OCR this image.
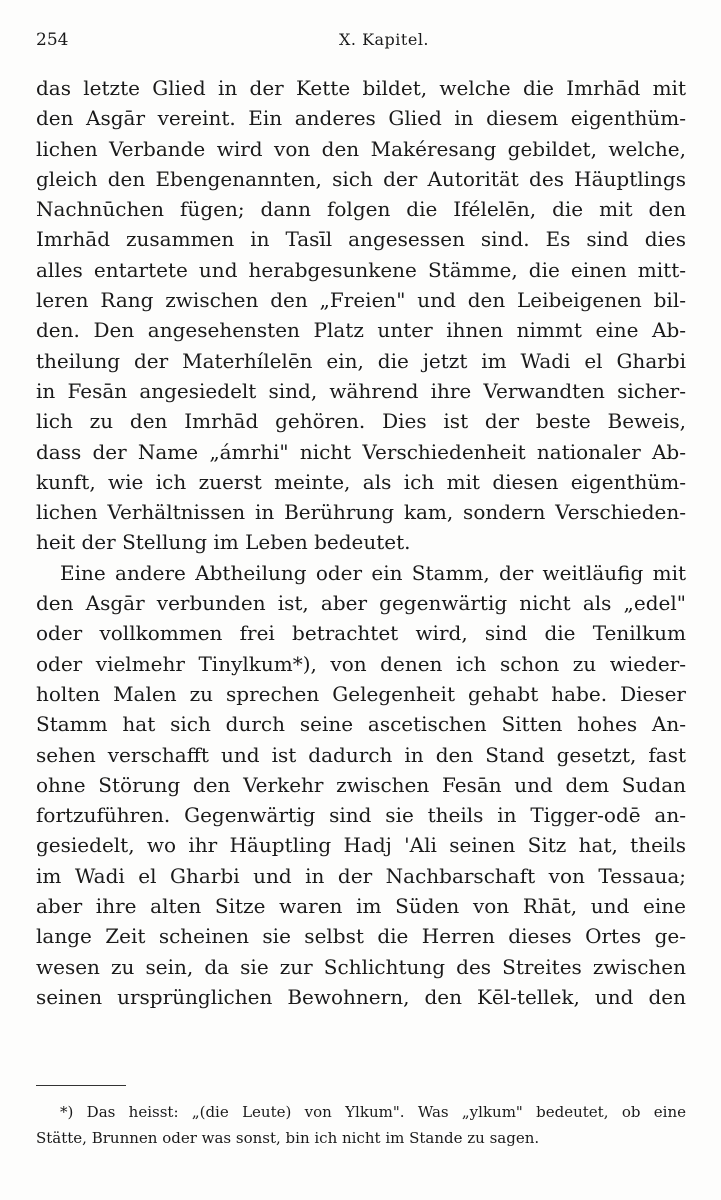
254	X. Kapitel.
das letzte Glied in der Kette bildet, welche die Imrhād mit
den Asgār vereint. Ein anderes Glied in diesem eigenthüm-
lichen Verbande wird von den Makéresang gebildet, welche,
gleich den Ebengenannten, sich der Autorität des Häuptlings
Nachnūchen fügen; dann folgen die Ifélelēn, die mit den
Imrhād zusammen in Tasīl angesessen sind. Es sind dies
alles entartete und herabgesunkene Stämme, die einen mitt-
leren Rang zwischen den „Freien" und den Leibeigenen bil-
den. Den angesehensten Platz unter ihnen nimmt eine Ab-
theilung der Materhílelēn ein, die jetzt im Wadi el Gharbi
in Fesān angesiedelt sind, während ihre Verwandten sicher-
lich zu den Imrhād gehören. Dies ist der beste Beweis,
dass der Name „ámrhi" nicht Verschiedenheit nationaler Ab-
kunft, wie ich zuerst meinte, als ich mit diesen eigenthüm-
lichen Verhältnissen in Berührung kam, sondern Verschieden-
heit der Stellung im Leben bedeutet.
Eine andere Abtheilung oder ein Stamm, der weitläufig mit
den Asgār verbunden ist, aber gegenwärtig nicht als „edel"
oder vollkommen frei betrachtet wird, sind die Tenilkum
oder vielmehr Tinylkum*), von denen ich schon zu wieder-
holten Malen zu sprechen Gelegenheit gehabt habe. Dieser
Stamm hat sich durch seine ascetischen Sitten hohes An-
sehen verschafft und ist dadurch in den Stand gesetzt, fast
ohne Störung den Verkehr zwischen Fesān und dem Sudan
fortzuführen. Gegenwärtig sind sie theils in Tigger-odē an-
gesiedelt, wo ihr Häuptling Hadj 'Ali seinen Sitz hat, theils
im Wadi el Gharbi und in der Nachbarschaft von Tessaua;
aber ihre alten Sitze waren im Süden von Rhāt, und eine
lange Zeit scheinen sie selbst die Herren dieses Ortes ge-
wesen zu sein, da sie zur Schlichtung des Streites zwischen
seinen ursprünglichen Bewohnern, den Kēl-tellek, und den
*) Das heisst: „(die Leute) von Ylkum". Was „ylkum" bedeutet, ob eine
Stätte, Brunnen oder was sonst, bin ich nicht im Stande zu sagen.
